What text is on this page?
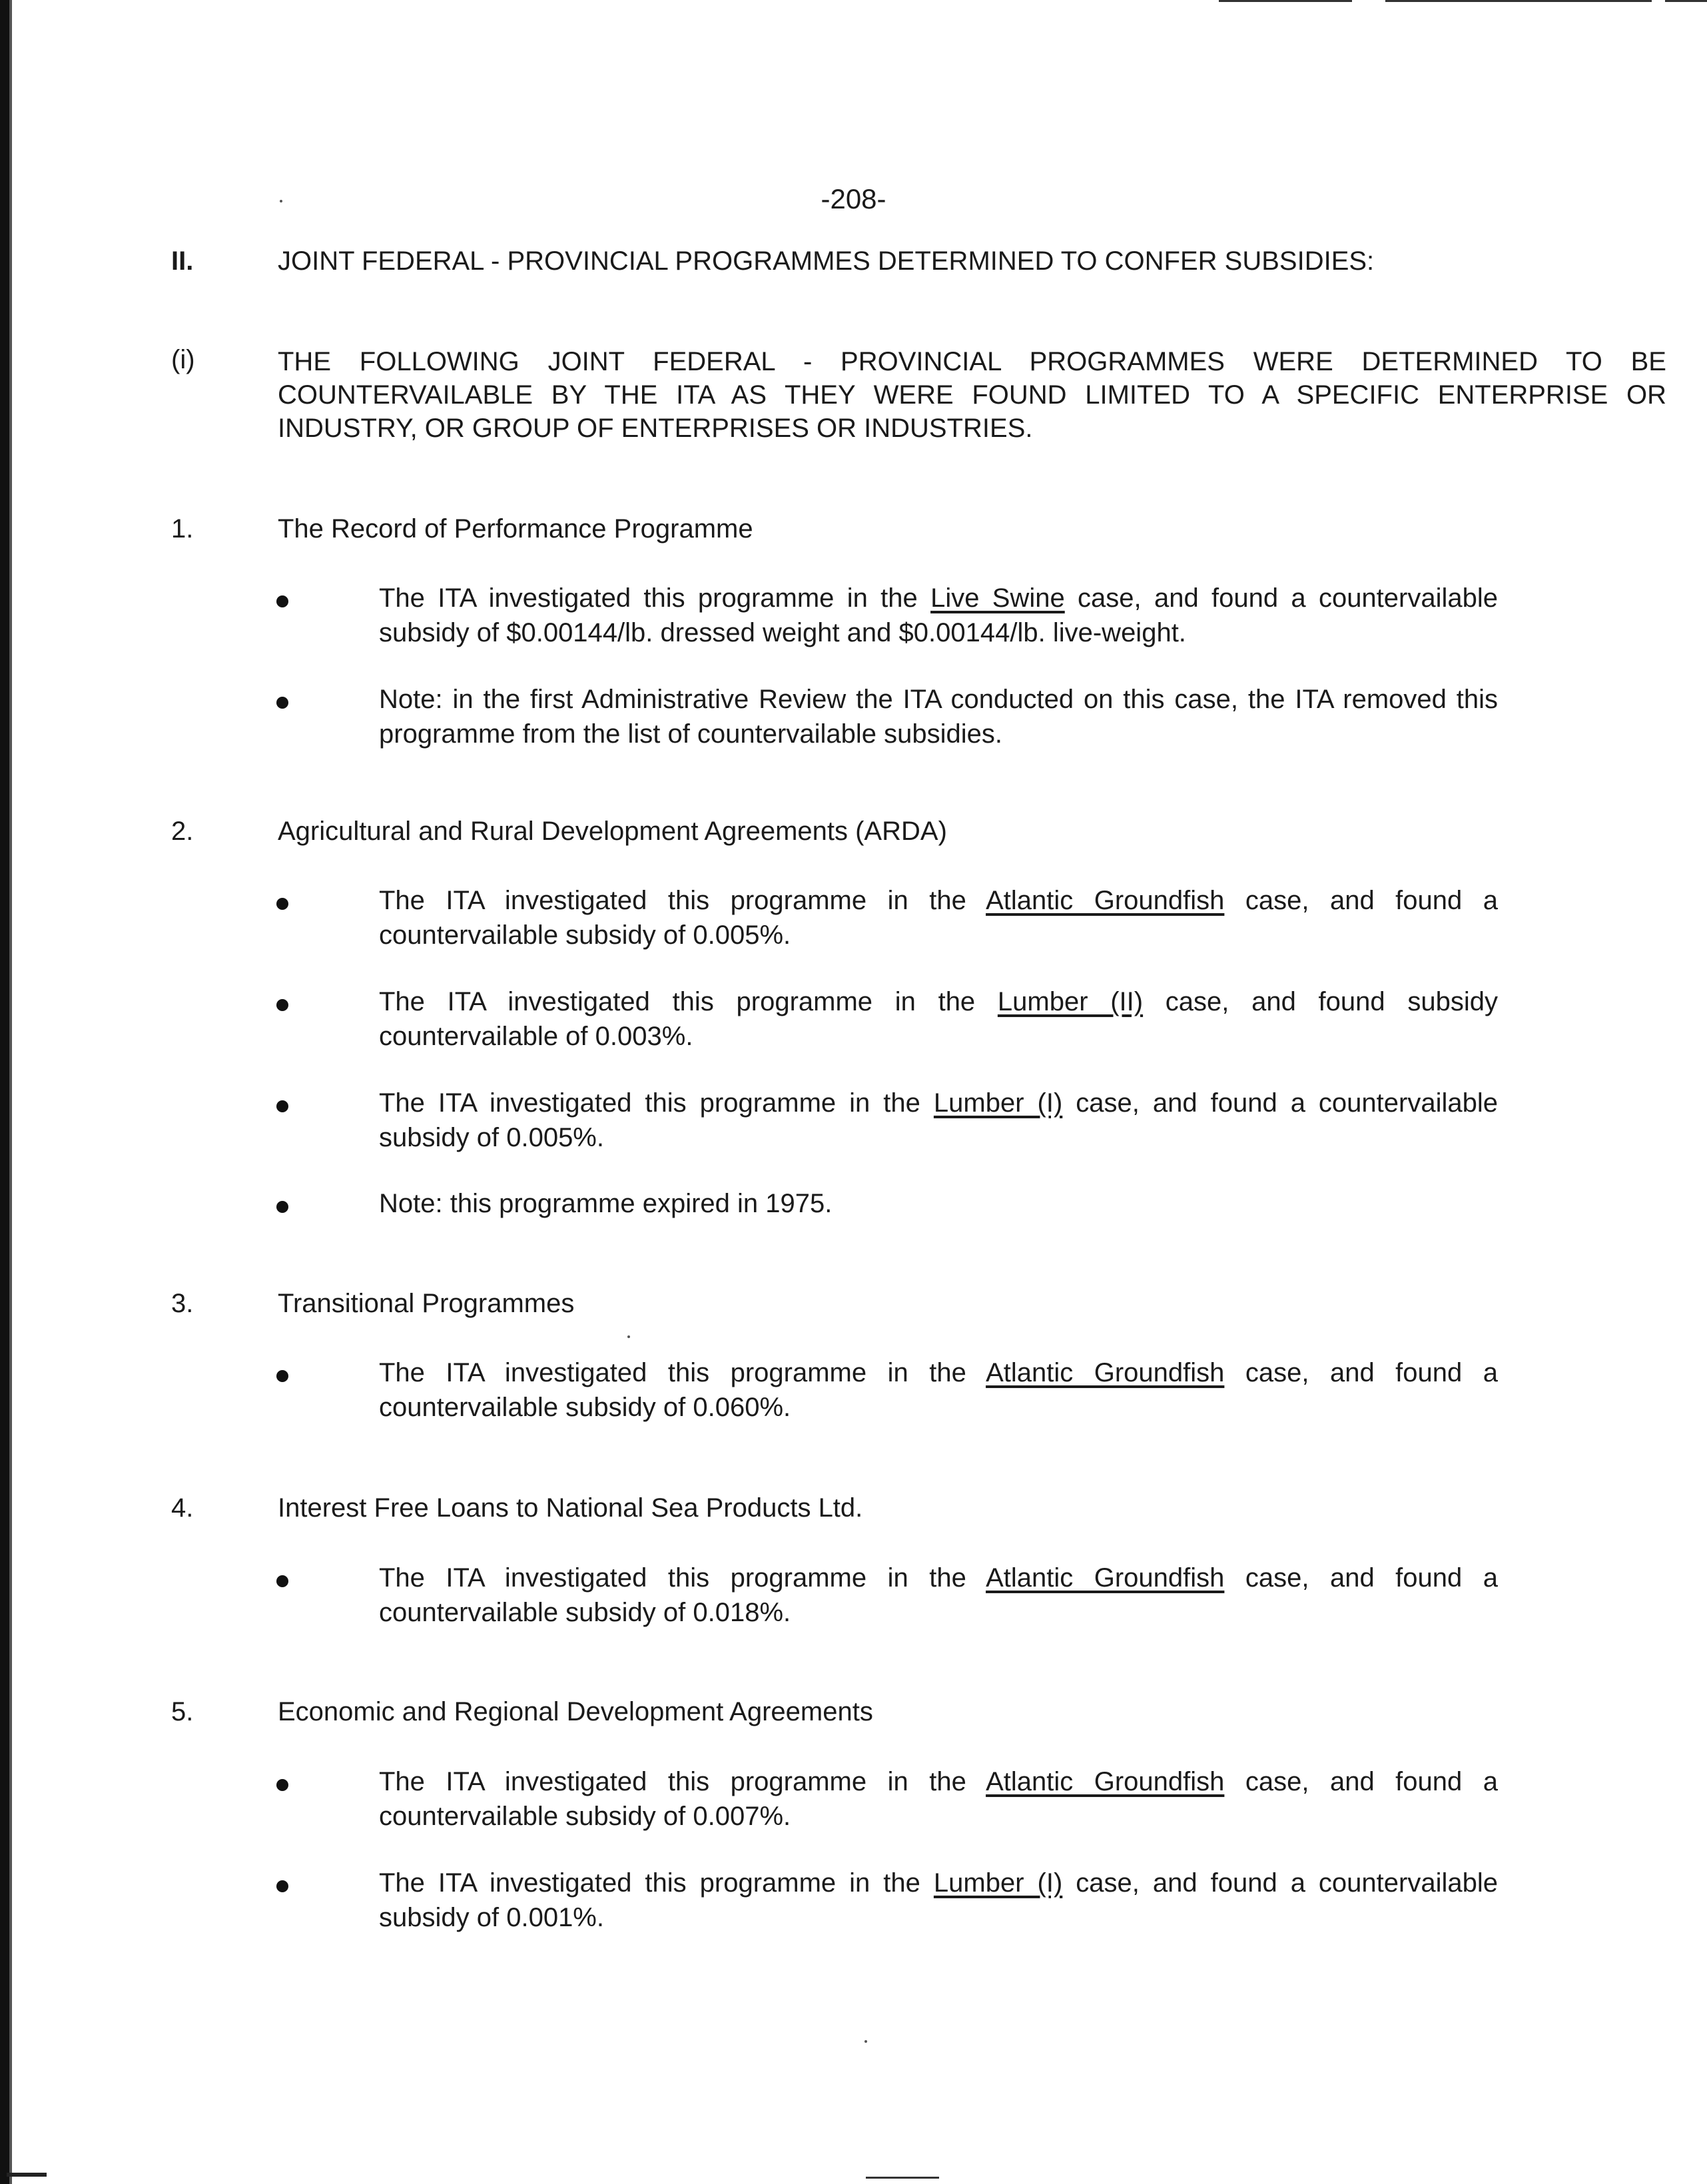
-208-
II.	JOINT FEDERAL - PROVINCIAL PROGRAMMES DETERMINED TO CONFER SUBSIDIES:
(i)	THE FOLLOWING JOINT FEDERAL - PROVINCIAL PROGRAMMES WERE DETERMINED TO BE COUNTERVAILABLE BY THE ITA AS THEY WERE FOUND LIMITED TO A SPECIFIC ENTERPRISE OR INDUSTRY, OR GROUP OF ENTERPRISES OR INDUSTRIES.
1.	The Record of Performance Programme
The ITA investigated this programme in the Live Swine case, and found a countervailable subsidy of $0.00144/lb. dressed weight and $0.00144/lb. live-weight.
Note: in the first Administrative Review the ITA conducted on this case, the ITA removed this programme from the list of countervailable subsidies.
2.	Agricultural and Rural Development Agreements (ARDA)
The ITA investigated this programme in the Atlantic Groundfish case, and found a countervailable subsidy of 0.005%.
The ITA investigated this programme in the Lumber (II) case, and found subsidy countervailable of 0.003%.
The ITA investigated this programme in the Lumber (I) case, and found a countervailable subsidy of 0.005%.
Note: this programme expired in 1975.
3.	Transitional Programmes
The ITA investigated this programme in the Atlantic Groundfish case, and found a countervailable subsidy of 0.060%.
4.	Interest Free Loans to National Sea Products Ltd.
The ITA investigated this programme in the Atlantic Groundfish case, and found a countervailable subsidy of 0.018%.
5.	Economic and Regional Development Agreements
The ITA investigated this programme in the Atlantic Groundfish case, and found a countervailable subsidy of 0.007%.
The ITA investigated this programme in the Lumber (I) case, and found a countervailable subsidy of 0.001%.
